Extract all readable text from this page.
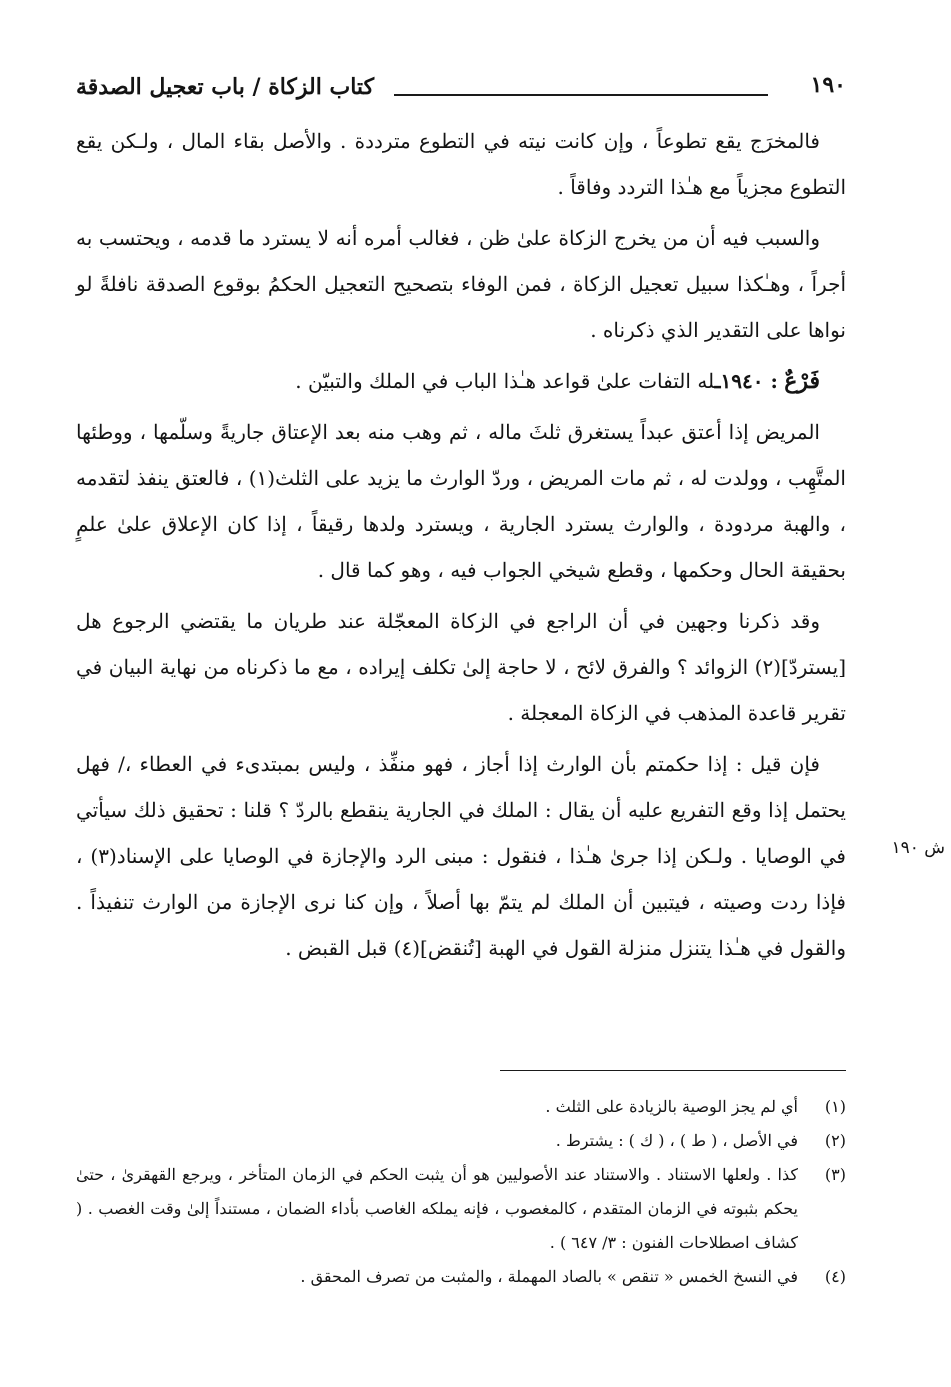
كتاب الزكاة / باب تعجيل الصدقة	١٩٠

فالمخرَج يقع تطوعاً ، وإن كانت نيته في التطوع مترددة . والأصل بقاء المال ، ولـكن يقع التطوع مجزياً مع هـٰذا التردد وفاقاً .

والسبب فيه أن من يخرج الزكاة علىٰ ظن ، فغالب أمره أنه لا يسترد ما قدمه ، ويحتسب به أجراً ، وهـٰكذا سبيل تعجيل الزكاة ، فمن الوفاء بتصحيح التعجيل الحكمُ بوقوع الصدقة نافلةً لو نواها على التقدير الذي ذكرناه .

فَرْعٌ : ١٩٤٠ـله التفات علىٰ قواعد هـٰذا الباب في الملك والتبيّن .

المريض إذا أعتق عبداً يستغرق ثلثَ ماله ، ثم وهب منه بعد الإعتاق جاريةً وسلّمها ، ووطئها المتَّهِب ، وولدت له ، ثم مات المريض ، وردّ الوارث ما يزيد على الثلث(١) ، فالعتق ينفذ لتقدمه ، والهبة مردودة ، والوارث يسترد الجارية ، ويسترد ولدها رقيقاً ، إذا كان الإعلاق علىٰ علمٍ بحقيقة الحال وحكمها ، وقطع شيخي الجواب فيه ، وهو كما قال .

وقد ذكرنا وجهين في أن الراجع في الزكاة المعجّلة عند طريان ما يقتضي الرجوع هل [يستردّ](٢) الزوائد ؟ والفرق لائح ، لا حاجة إلىٰ تكلف إيراده ، مع ما ذكرناه من نهاية البيان في تقرير قاعدة المذهب في الزكاة المعجلة .

فإن قيل : إذا حكمتم بأن الوارث إذا أجاز ، فهو منفِّذ ، وليس بمبتدىء في العطاء ،/ فهل يحتمل إذا وقع التفريع عليه أن يقال : الملك في الجارية ينقطع بالردّ ؟ قلنا : تحقيق ذلك سيأتي في الوصايا . ولـكن إذا جرىٰ هـٰذا ، فنقول : مبنى الرد والإجازة في الوصايا على الإسناد(٣) ، فإذا ردت وصيته ، فيتبين أن الملك لم يتمّ بها أصلاً ، وإن كنا نرى الإجازة من الوارث تنفيذاً . والقول في هـٰذا يتنزل منزلة القول في الهبة [تُنقض](٤) قبل القبض .

ش ١٩٠
(١)
أي لم يجز الوصية بالزيادة على الثلث .
(٢)
في الأصل ، ( ط ) ، ( ك ) : يشترط .
(٣)
كذا . ولعلها الاستناد . والاستناد عند الأصوليين هو أن يثبت الحكم في الزمان المتأخر ، ويرجع القهقرىٰ ، حتىٰ يحكم بثبوته في الزمان المتقدم ، كالمغصوب ، فإنه يملكه الغاصب بأداء الضمان ، مستنداً إلىٰ وقت الغصب . ( كشاف اصطلاحات الفنون : ٣/ ٦٤٧ ) .
(٤)
في النسخ الخمس « تنقص » بالصاد المهملة ، والمثبت من تصرف المحقق .
